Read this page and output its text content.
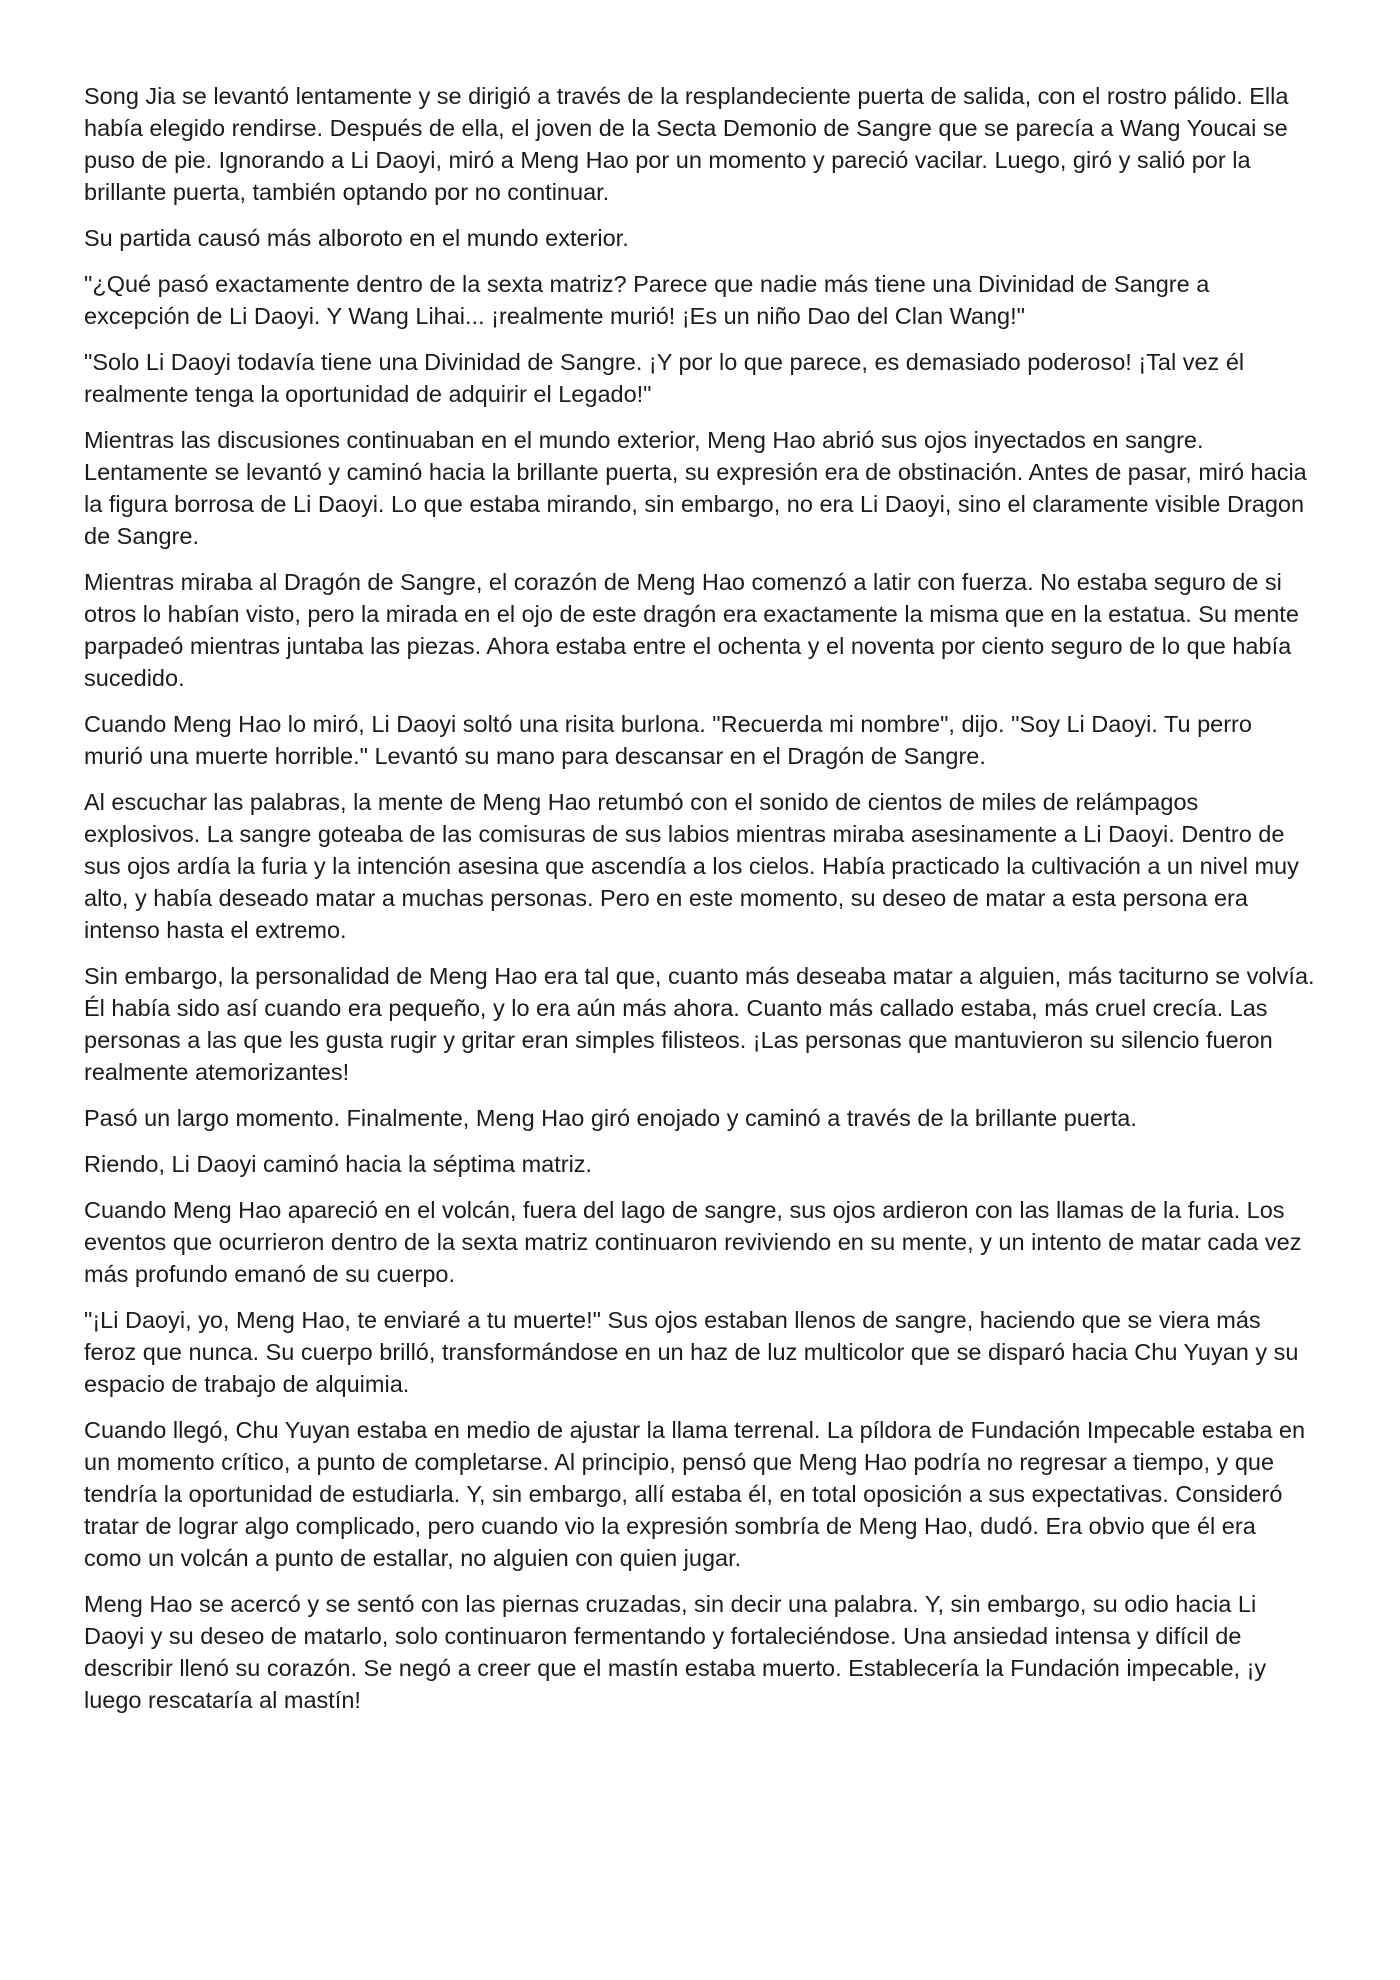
Song Jia se levantó lentamente y se dirigió a través de la resplandeciente puerta de salida, con el rostro pálido. Ella había elegido rendirse. Después de ella, el joven de la Secta Demonio de Sangre que se parecía a Wang Youcai se puso de pie. Ignorando a Li Daoyi, miró a Meng Hao por un momento y pareció vacilar. Luego, giró y salió por la brillante puerta, también optando por no continuar.

Su partida causó más alboroto en el mundo exterior.

"¿Qué pasó exactamente dentro de la sexta matriz? Parece que nadie más tiene una Divinidad de Sangre a excepción de Li Daoyi. Y Wang Lihai... ¡realmente murió! ¡Es un niño Dao del Clan Wang!"

"Solo Li Daoyi todavía tiene una Divinidad de Sangre. ¡Y por lo que parece, es demasiado poderoso! ¡Tal vez él realmente tenga la oportunidad de adquirir el Legado!"

Mientras las discusiones continuaban en el mundo exterior, Meng Hao abrió sus ojos inyectados en sangre. Lentamente se levantó y caminó hacia la brillante puerta, su expresión era de obstinación. Antes de pasar, miró hacia la figura borrosa de Li Daoyi. Lo que estaba mirando, sin embargo, no era Li Daoyi, sino el claramente visible Dragon de Sangre.

Mientras miraba al Dragón de Sangre, el corazón de Meng Hao comenzó a latir con fuerza. No estaba seguro de si otros lo habían visto, pero la mirada en el ojo de este dragón era exactamente la misma que en la estatua. Su mente parpadeó mientras juntaba las piezas. Ahora estaba entre el ochenta y el noventa por ciento seguro de lo que había sucedido.

Cuando Meng Hao lo miró, Li Daoyi soltó una risita burlona. "Recuerda mi nombre", dijo. "Soy Li Daoyi. Tu perro murió una muerte horrible." Levantó su mano para descansar en el Dragón de Sangre.

Al escuchar las palabras, la mente de Meng Hao retumbó con el sonido de cientos de miles de relámpagos explosivos. La sangre goteaba de las comisuras de sus labios mientras miraba asesinamente a Li Daoyi. Dentro de sus ojos ardía la furia y la intención asesina que ascendía a los cielos. Había practicado la cultivación a un nivel muy alto, y había deseado matar a muchas personas. Pero en este momento, su deseo de matar a esta persona era intenso hasta el extremo.

Sin embargo, la personalidad de Meng Hao era tal que, cuanto más deseaba matar a alguien, más taciturno se volvía. Él había sido así cuando era pequeño, y lo era aún más ahora. Cuanto más callado estaba, más cruel crecía. Las personas a las que les gusta rugir y gritar eran simples filisteos. ¡Las personas que mantuvieron su silencio fueron realmente atemorizantes!

Pasó un largo momento. Finalmente, Meng Hao giró enojado y caminó a través de la brillante puerta.

Riendo, Li Daoyi caminó hacia la séptima matriz.

Cuando Meng Hao apareció en el volcán, fuera del lago de sangre, sus ojos ardieron con las llamas de la furia. Los eventos que ocurrieron dentro de la sexta matriz continuaron reviviendo en su mente, y un intento de matar cada vez más profundo emanó de su cuerpo.

"¡Li Daoyi, yo, Meng Hao, te enviaré a tu muerte!" Sus ojos estaban llenos de sangre, haciendo que se viera más feroz que nunca. Su cuerpo brilló, transformándose en un haz de luz multicolor que se disparó hacia Chu Yuyan y su espacio de trabajo de alquimia.

Cuando llegó, Chu Yuyan estaba en medio de ajustar la llama terrenal. La píldora de Fundación Impecable estaba en un momento crítico, a punto de completarse. Al principio, pensó que Meng Hao podría no regresar a tiempo, y que tendría la oportunidad de estudiarla. Y, sin embargo, allí estaba él, en total oposición a sus expectativas. Consideró tratar de lograr algo complicado, pero cuando vio la expresión sombría de Meng Hao, dudó. Era obvio que él era como un volcán a punto de estallar, no alguien con quien jugar.

Meng Hao se acercó y se sentó con las piernas cruzadas, sin decir una palabra. Y, sin embargo, su odio hacia Li Daoyi y su deseo de matarlo, solo continuaron fermentando y fortaleciéndose. Una ansiedad intensa y difícil de describir llenó su corazón. Se negó a creer que el mastín estaba muerto. Establecería la Fundación impecable, ¡y luego rescataría al mastín!
